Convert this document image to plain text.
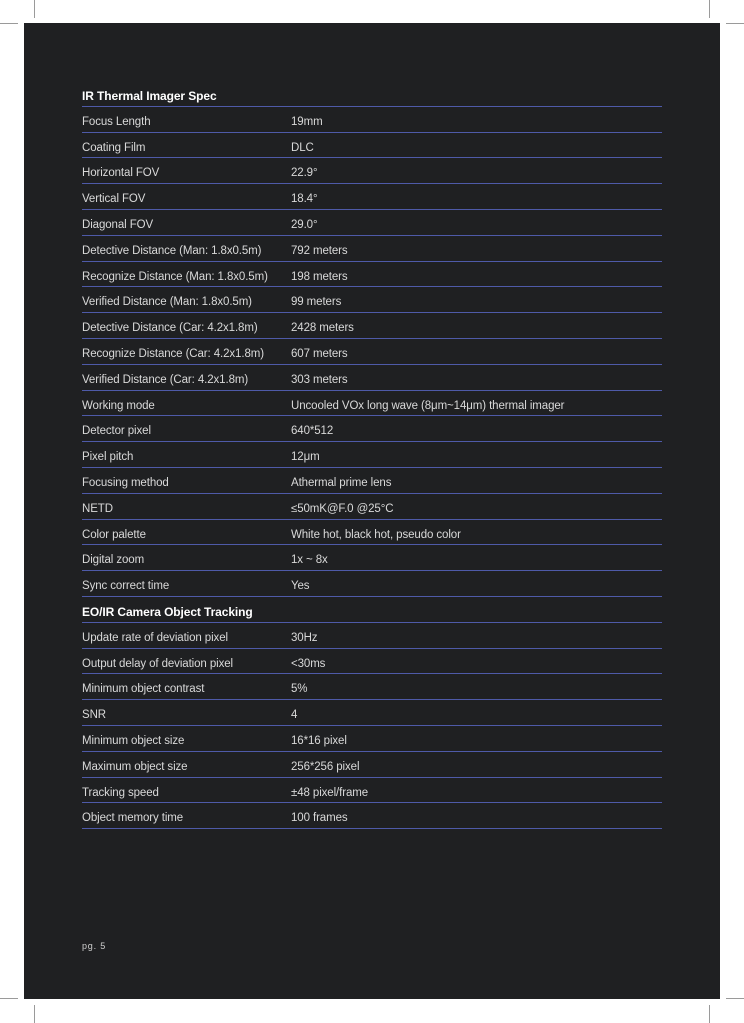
IR Thermal Imager Spec
Focus Length	19mm
Coating Film	DLC
Horizontal FOV	22.9°
Vertical FOV	18.4°
Diagonal FOV	29.0°
Detective Distance (Man: 1.8x0.5m)	792 meters
Recognize Distance (Man: 1.8x0.5m)	198 meters
Verified Distance (Man: 1.8x0.5m)	99 meters
Detective Distance (Car: 4.2x1.8m)	2428 meters
Recognize Distance (Car: 4.2x1.8m)	607 meters
Verified Distance (Car: 4.2x1.8m)	303 meters
Working mode	Uncooled VOx long wave (8μm~14μm) thermal imager
Detector pixel	640*512
Pixel pitch	12μm
Focusing method	Athermal prime lens
NETD	≤50mK@F.0 @25°C
Color palette	White hot, black hot, pseudo color
Digital zoom	1x ~ 8x
Sync correct time	Yes
EO/IR Camera Object Tracking
Update rate of deviation pixel	30Hz
Output delay of deviation pixel	<30ms
Minimum object contrast	5%
SNR	4
Minimum object size	16*16 pixel
Maximum object size	256*256 pixel
Tracking speed	±48 pixel/frame
Object memory time	100 frames
pg. 5
